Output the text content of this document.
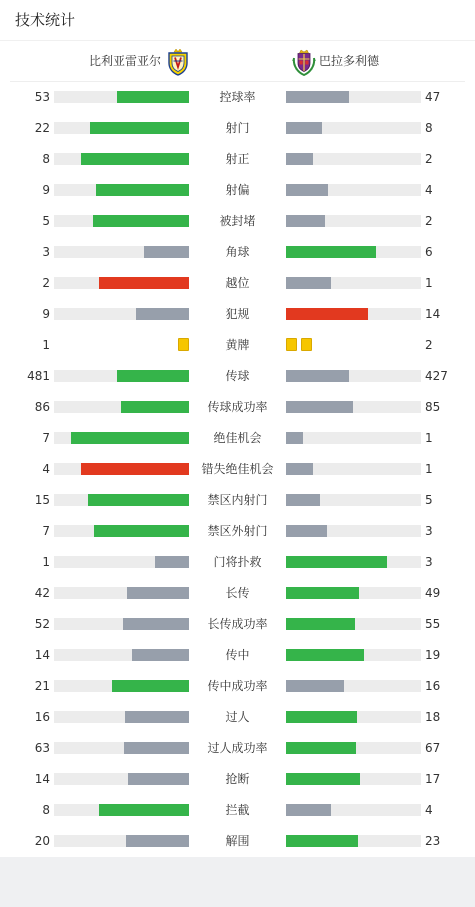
技术统计
比利亚雷亚尔	巴拉多利德
53	控球率	47
22	射门	8
8	射正	2
9	射偏	4
5	被封堵	2
3	角球	6
2	越位	1
9	犯规	14
1	黄牌	2
481	传球	427
86	传球成功率	85
7	绝佳机会	1
4	错失绝佳机会	1
15	禁区内射门	5
7	禁区外射门	3
1	门将扑救	3
42	长传	49
52	长传成功率	55
14	传中	19
21	传中成功率	16
16	过人	18
63	过人成功率	67
14	抢断	17
8	拦截	4
20	解围	23
